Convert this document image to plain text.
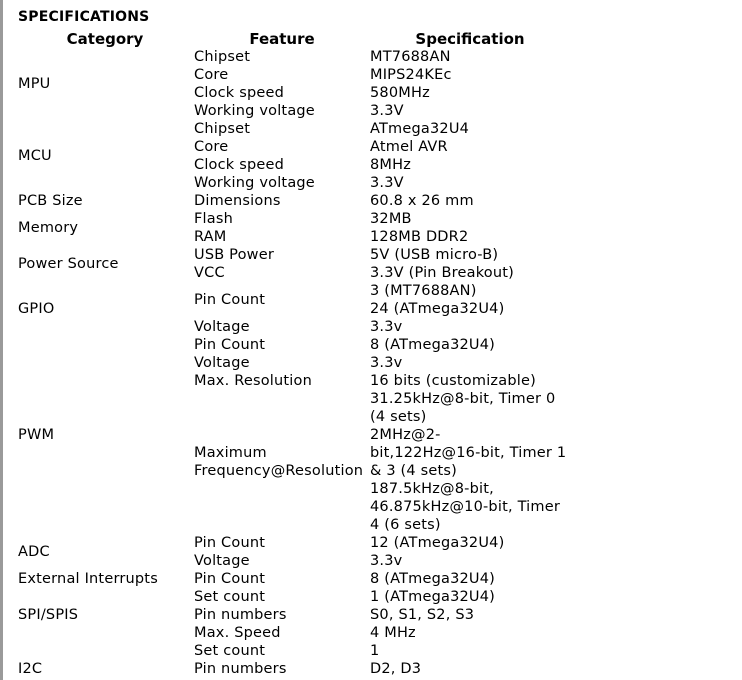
SPECIFICATIONS
Category	Feature	Specification
MPU
MCU
PCB Size
Memory
Power Source
GPIO
PWM
ADC
External Interrupts
SPI/SPIS
I2C
Chipset
Core
Clock speed
Working voltage
Chipset
Core
Clock speed
Working voltage
Dimensions
Flash
RAM
USB Power
VCC
Pin Count
Voltage
Pin Count
Voltage
Max. Resolution
Maximum
Frequency@Resolution
Pin Count
Voltage
Pin Count
Set count
Pin numbers
Max. Speed
Set count
Pin numbers
MT7688AN
MIPS24KEc
580MHz
3.3V
ATmega32U4
Atmel AVR
8MHz
3.3V
60.8 x 26 mm
32MB
128MB DDR2
5V (USB micro-B)
3.3V (Pin Breakout)
3 (MT7688AN)
24 (ATmega32U4)
3.3v
8 (ATmega32U4)
3.3v
16 bits (customizable)
31.25kHz@8-bit, Timer 0
(4 sets)
2MHz@2-
bit,122Hz@16-bit, Timer 1
& 3 (4 sets)
187.5kHz@8-bit,
46.875kHz@10-bit, Timer
4 (6 sets)
12 (ATmega32U4)
3.3v
8 (ATmega32U4)
1 (ATmega32U4)
S0, S1, S2, S3
4 MHz
1
D2, D3
